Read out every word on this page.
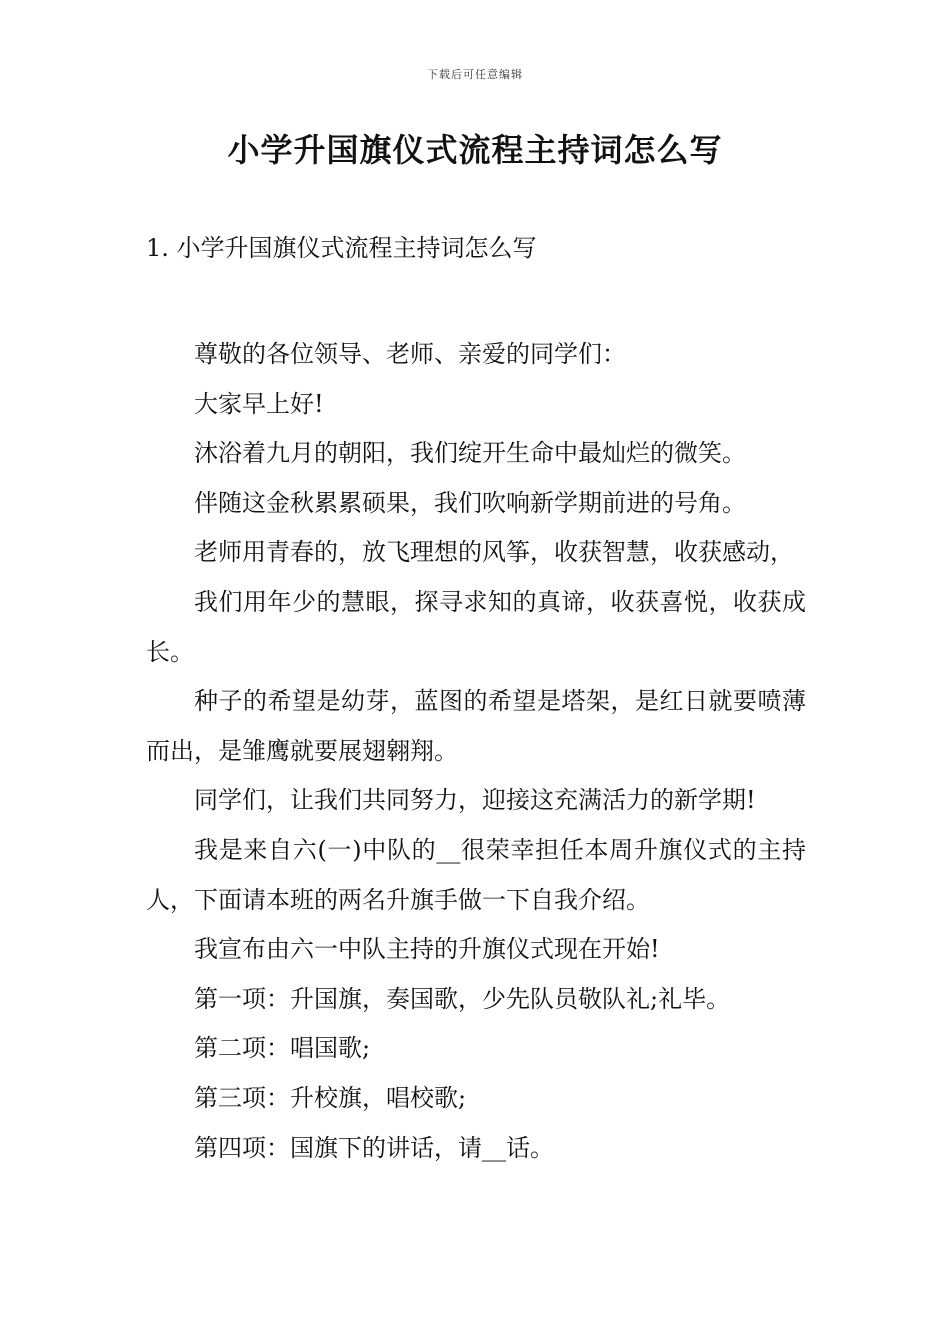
下载后可任意编辑
小学升国旗仪式流程主持词怎么写
1. 小学升国旗仪式流程主持词怎么写

尊敬的各位领导、老师、亲爱的同学们：

大家早上好!

沐浴着九月的朝阳，我们绽开生命中最灿烂的微笑。

伴随这金秋累累硕果，我们吹响新学期前进的号角。

老师用青春的，放飞理想的风筝，收获智慧，收获感动，

我们用年少的慧眼，探寻求知的真谛，收获喜悦，收获成长。

种子的希望是幼芽，蓝图的希望是塔架，是红日就要喷薄而出，是雏鹰就要展翅翱翔。

同学们，让我们共同努力，迎接这充满活力的新学期!

我是来自六(一)中队的__很荣幸担任本周升旗仪式的主持人，下面请本班的两名升旗手做一下自我介绍。

我宣布由六一中队主持的升旗仪式现在开始!

第一项：升国旗，奏国歌，少先队员敬队礼;礼毕。

第二项：唱国歌;

第三项：升校旗，唱校歌;

第四项：国旗下的讲话，请__话。
